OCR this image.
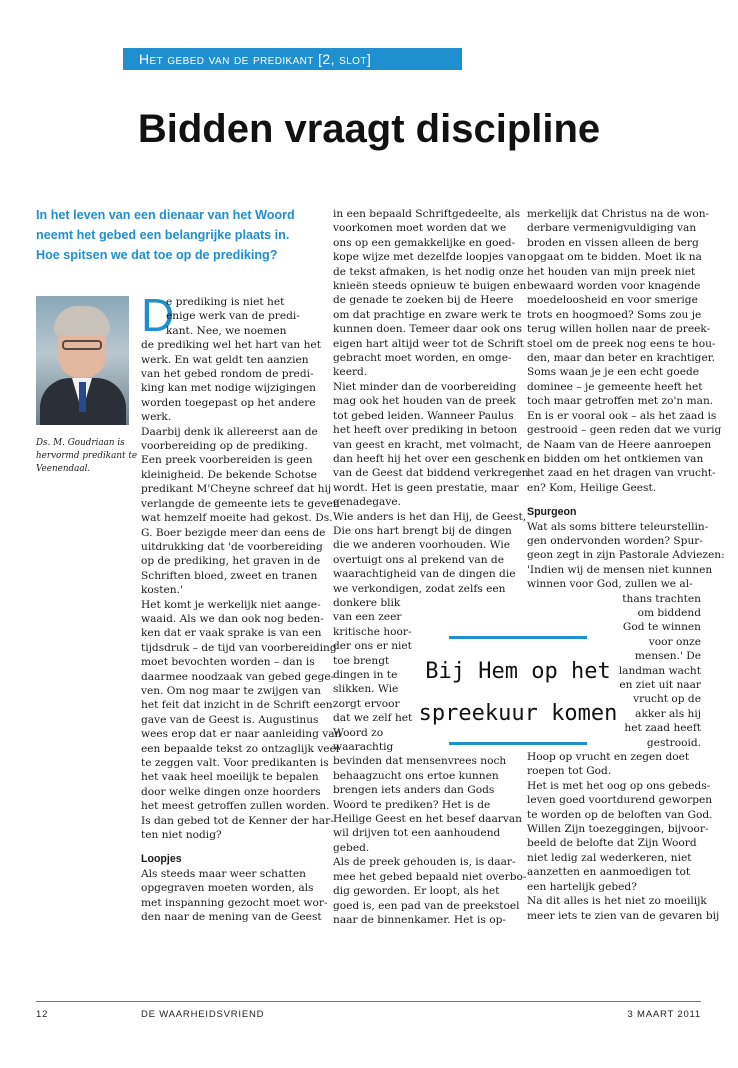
Het gebed van de predikant [2, slot]
Bidden vraagt discipline

In het leven van een dienaar van het Woord

neemt het gebed een belangrijke plaats in.

Hoe spitsen we dat toe op de prediking?

Ds. M. Goudriaan is

hervormd predikant te

Veenendaal.

D

e prediking is niet het

enige werk van de predi-

kant. Nee, we noemen

de prediking wel het hart van het

werk. En wat geldt ten aanzien

van het gebed rondom de predi-

king kan met nodige wijzigingen

worden toegepast op het andere

werk.

Daarbij denk ik allereerst aan de

voorbereiding op de prediking.

Een preek voorbereiden is geen

kleinigheid. De bekende Schotse

predikant M'Cheyne schreef dat hij

verlangde de gemeente iets te geven

wat hemzelf moeite had gekost. Ds.

G. Boer bezigde meer dan eens de

uitdrukking dat 'de voorbereiding

op de prediking, het graven in de

Schriften bloed, zweet en tranen

kosten.'

Het komt je werkelijk niet aange-

waaid. Als we dan ook nog beden-

ken dat er vaak sprake is van een

tijdsdruk – de tijd van voorbereiding

moet bevochten worden – dan is

daarmee noodzaak van gebed gege-

ven. Om nog maar te zwijgen van

het feit dat inzicht in de Schrift een

gave van de Geest is. Augustinus

wees erop dat er naar aanleiding van

een bepaalde tekst zo ontzaglijk veel

te zeggen valt. Voor predikanten is

het vaak heel moeilijk te bepalen

door welke dingen onze hoorders

het meest getroffen zullen worden.

Is dan gebed tot de Kenner der har-

ten niet nodig?

Loopjes

Als steeds maar weer schatten

opgegraven moeten worden, als

met inspanning gezocht moet wor-

den naar de mening van de Geest

in een bepaald Schriftgedeelte, als

voorkomen moet worden dat we

ons op een gemakkelijke en goed-

kope wijze met dezelfde loopjes van

de tekst afmaken, is het nodig onze

knieën steeds opnieuw te buigen en

de genade te zoeken bij de Heere

om dat prachtige en zware werk te

kunnen doen. Temeer daar ook ons

eigen hart altijd weer tot de Schrift

gebracht moet worden, en omge-

keerd.

Niet minder dan de voorbereiding

mag ook het houden van de preek

tot gebed leiden. Wanneer Paulus

het heeft over prediking in betoon

van geest en kracht, met volmacht,

dan heeft hij het over een geschenk

van de Geest dat biddend verkregen

wordt. Het is geen prestatie, maar

genadegave.

Wie anders is het dan Hij, de Geest,

Die ons hart brengt bij de dingen

die we anderen voorhouden. Wie

overtuigt ons al prekend van de

waarachtigheid van de dingen die

we verkondigen, zodat zelfs een

donkere blik

van een zeer

kritische hoor-

der ons er niet

toe brengt

dingen in te

slikken. Wie

zorgt ervoor

dat we zelf het

Woord zo

waarachtig

bevinden dat mensenvrees noch

behaagzucht ons ertoe kunnen

brengen iets anders dan Gods

Woord te prediken? Het is de

Heilige Geest en het besef daarvan

wil drijven tot een aanhoudend

gebed.

Als de preek gehouden is, is daar-

mee het gebed bepaald niet overbo-

dig geworden. Er loopt, als het

goed is, een pad van de preekstoel

naar de binnenkamer. Het is op-

merkelijk dat Christus na de won-

derbare vermenigvuldiging van

broden en vissen alleen de berg

opgaat om te bidden. Moet ik na

het houden van mijn preek niet

bewaard worden voor knagende

moedeloosheid en voor smerige

trots en hoogmoed? Soms zou je

terug willen hollen naar de preek-

stoel om de preek nog eens te hou-

den, maar dan beter en krachtiger.

Soms waan je je een echt goede

dominee – je gemeente heeft het

toch maar getroffen met zo'n man.

En is er vooral ook – als het zaad is

gestrooid – geen reden dat we vurig

de Naam van de Heere aanroepen

en bidden om het ontkiemen van

het zaad en het dragen van vrucht-

en? Kom, Heilige Geest.

Spurgeon

Wat als soms bittere teleurstellin-

gen ondervonden worden? Spur-

geon zegt in zijn Pastorale Adviezen:

'Indien wij de mensen niet kunnen

winnen voor God, zullen we al-

thans trachten

om biddend

God te winnen

voor onze

mensen.' De

landman wacht

en ziet uit naar

vrucht op de

akker als hij

het zaad heeft

gestrooid.

Hoop op vrucht en zegen doet

roepen tot God.

Het is met het oog op ons gebeds-

leven goed voortdurend geworpen

te worden op de beloften van God.

Willen Zijn toezeggingen, bijvoor-

beeld de belofte dat Zijn Woord

niet ledig zal wederkeren, niet

aanzetten en aanmoedigen tot

een hartelijk gebed?

Na dit alles is het niet zo moeilijk

meer iets te zien van de gevaren bij

Bij Hem op het

spreekuur komen

12	DE WAARHEIDSVRIEND	3 MAART 2011
